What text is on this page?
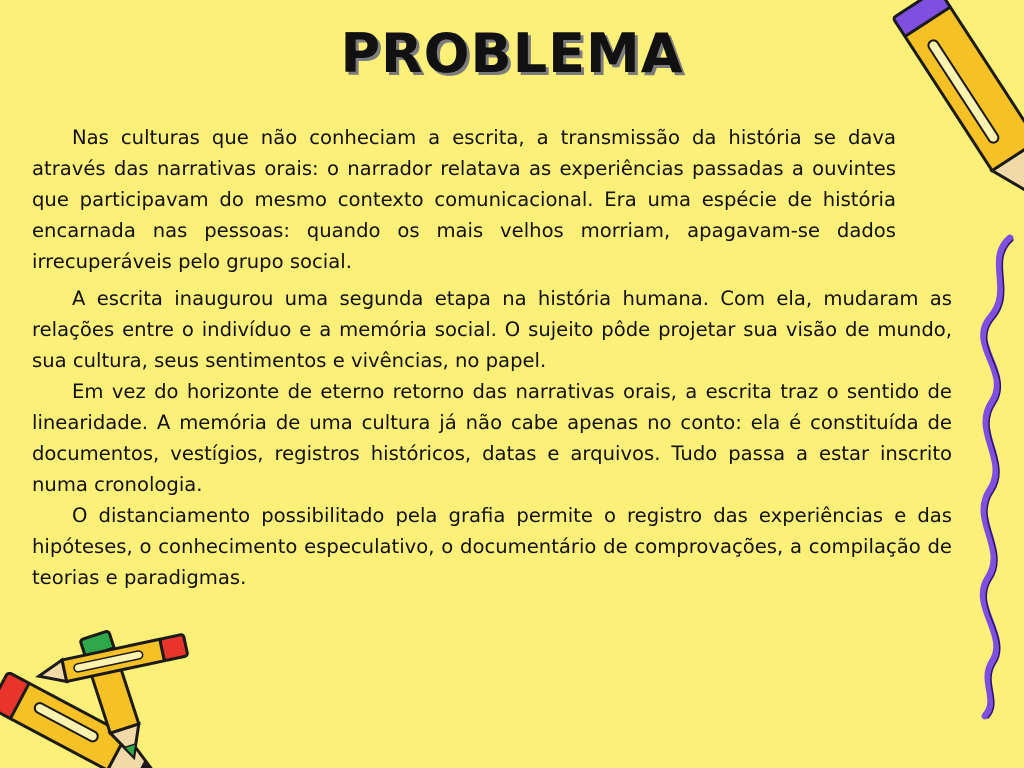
PROBLEMA

Nas culturas que não conheciam a escrita, a transmissão da história se dava através das narrativas orais: o narrador relatava as experiências passadas a ouvintes que participavam do mesmo contexto comunicacional. Era uma espécie de história encarnada nas pessoas: quando os mais velhos morriam, apagavam-se dados irrecuperáveis pelo grupo social.

A escrita inaugurou uma segunda etapa na história humana. Com ela, mudaram as relações entre o indivíduo e a memória social. O sujeito pôde projetar sua visão de mundo, sua cultura, seus sentimentos e vivências, no papel.

Em vez do horizonte de eterno retorno das narrativas orais, a escrita traz o sentido de linearidade. A memória de uma cultura já não cabe apenas no conto: ela é constituída de documentos, vestígios, registros históricos, datas e arquivos. Tudo passa a estar inscrito numa cronologia.

O distanciamento possibilitado pela grafia permite o registro das experiências e das hipóteses, o conhecimento especulativo, o documentário de comprovações, a compilação de teorias e paradigmas.
